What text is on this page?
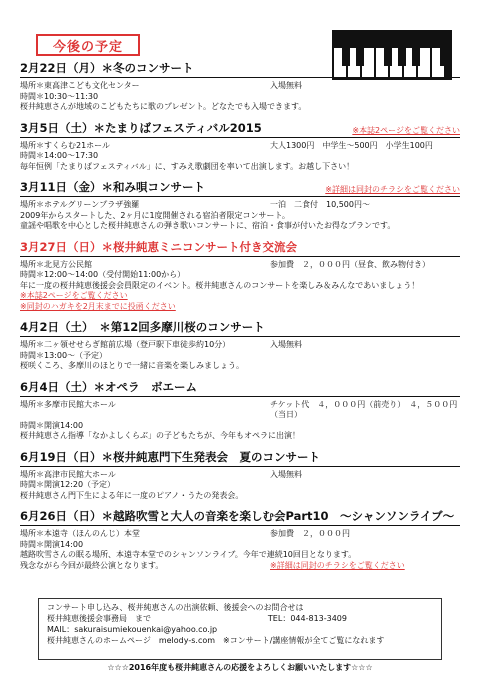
今後の予定
2月22日（月）＊冬のコンサート
場所＊東高津こども文化センター	入場無料
時間＊10:30～11:30
桜井純恵さんが地域のこどもたちに歌のプレゼント。どなたでも入場できます。
3月5日（土）＊たまりばフェスティバル2015	※本誌2ページをご覧ください
場所＊すくらむ21ホール	大人1300円　中学生～500円　小学生100円
時間＊14:00～17:30
毎年恒例「たまりばフェスティバル」に、すみえ歌劇団を率いて出演します。お越し下さい！
3月11日（金）＊和み唄コンサート	※詳細は同封のチラシをご覧ください
場所＊ホテルグリーンプラザ強羅	一泊　二食付　10,500円～
2009年からスタートした、2ヶ月に1度開催される宿泊者限定コンサート。
童謡や唱歌を中心とした桜井純恵さんの弾き歌いコンサートに、宿泊・食事が付いたお得なプランです。
3月27日（日）＊桜井純恵ミニコンサート付き交流会
場所＊北見方公民館	参加費　２，０００円（昼食、飲み物付き）
時間＊12:00～14:00（受付開始11:00から）
年に一度の桜井純恵後援会会員限定のイベント。桜井純恵さんのコンサートを楽しみ＆みんなであいましょう！
※本誌2ページをご覧ください
※同封のハガキを2月末までに投函ください
4月2日（土）　＊第12回多摩川桜のコンサート
場所＊二ヶ領せせらぎ館前広場（登戸駅下車徒歩約10分）	入場無料
時間＊13:00～（予定）
桜咲くころ、多摩川のほとりで一緒に音楽を楽しみましょう。
6月4日（土）＊オペラ　ボエーム
場所＊多摩市民館大ホール	チケット代　４，０００円（前売り）　４，５００円（当日）
時間＊開演14:00
桜井純恵さん指導「なかよしくらぶ」の子どもたちが、今年もオペラに出演！
6月19日（日）＊桜井純恵門下生発表会　夏のコンサート
場所＊高津市民館大ホール	入場無料
時間＊開演12:20（予定）
桜井純恵さん門下生による年に一度のピアノ・うたの発表会。
6月26日（日）＊越路吹雪と大人の音楽を楽しむ会Part10　～シャンソンライブ～
場所＊本遠寺（ほんのんじ）本堂	参加費　２，０００円
時間＊開演14:00
越路吹雪さんの眠る場所、本遠寺本堂でのシャンソンライブ。今年で連続10回目となります。
残念ながら今回が最終公演となります。	※詳細は同封のチラシをご覧ください
コンサート申し込み、桜井純恵さんの出演依頼、後援会へのお問合せは
桜井純恵後援会事務局　まで	TEL：044-813-3409
MAIL：sakuraisumiekouenkai@yahoo.co.jp
桜井純恵さんのホームページ　melody-s.com　※コンサート/講座情報が全てご覧になれます
☆☆☆2016年度も桜井純恵さんの応援をよろしくお願いいたします☆☆☆
